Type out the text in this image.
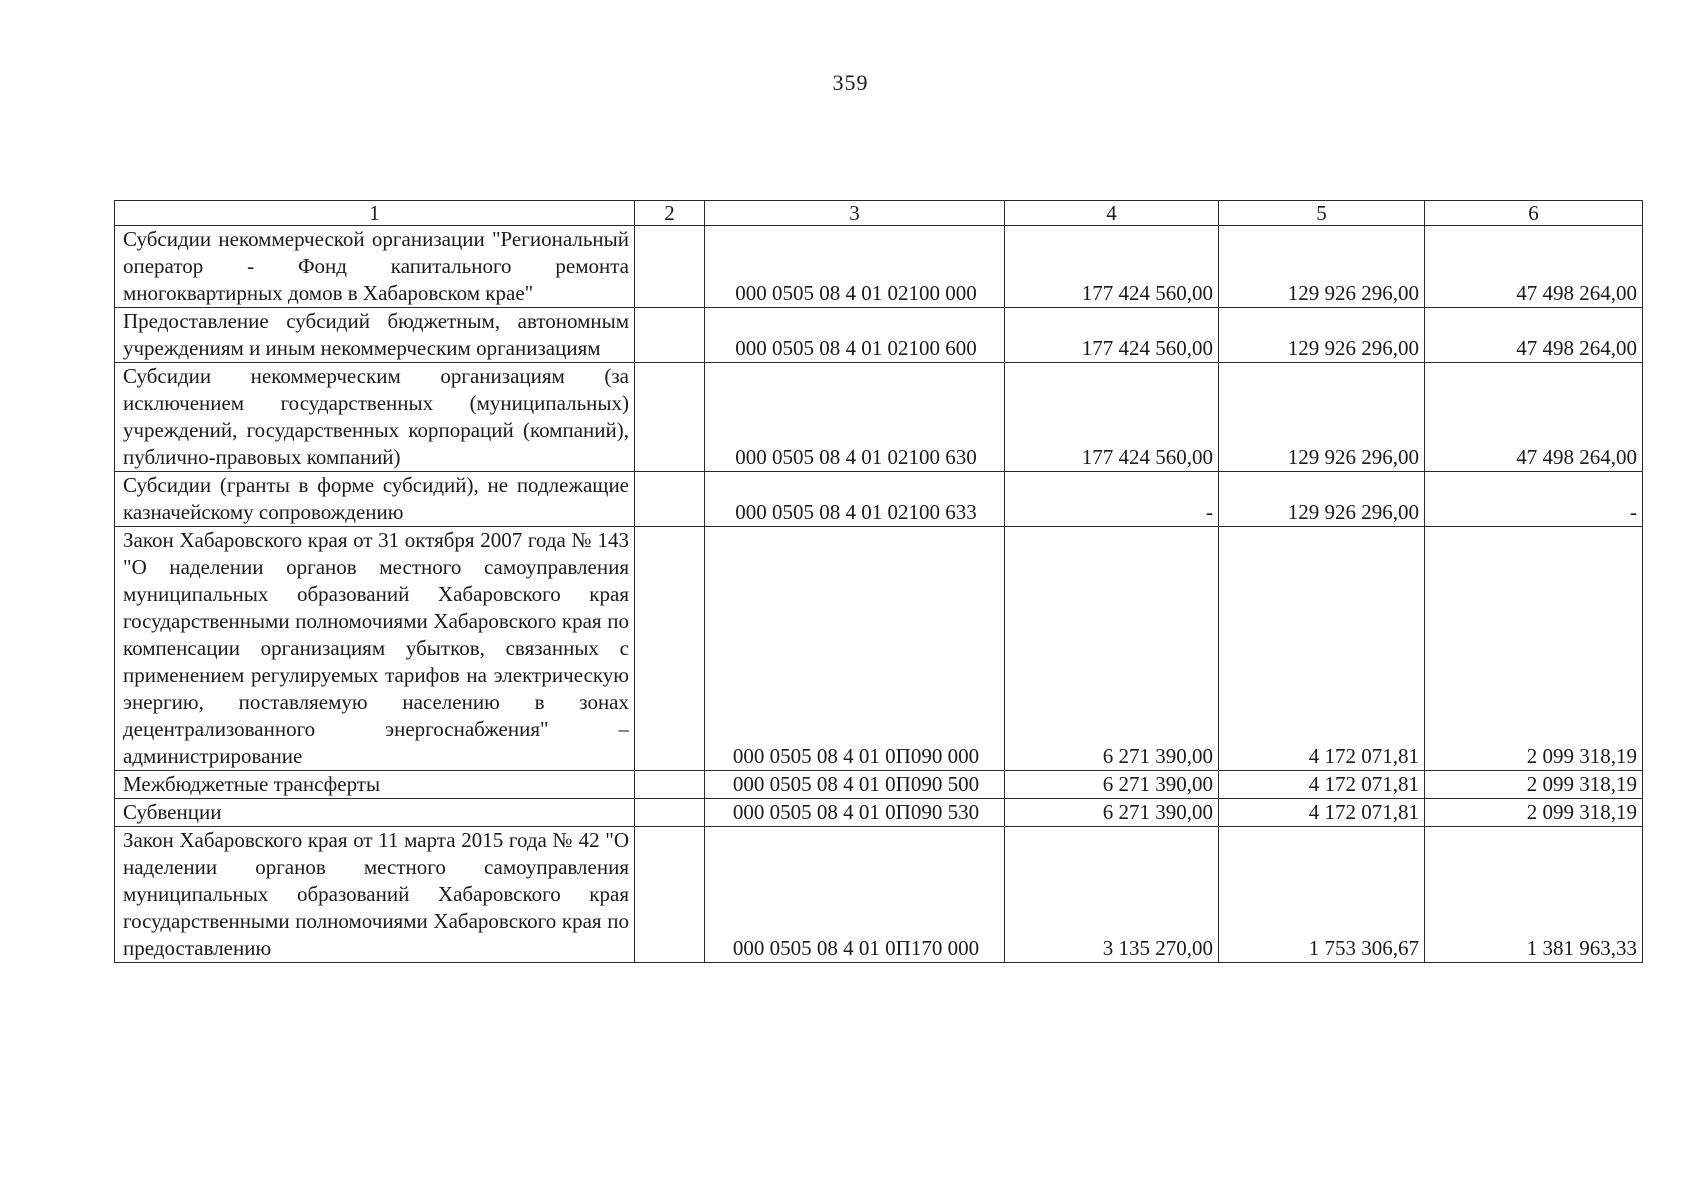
359
1	2	3	4	5	6
Субсидии некоммерческой организации "Региональный оператор - Фонд капитального ремонта многоквартирных домов в Хабаровском крае"		000 0505 08 4 01 02100 000	177 424 560,00	129 926 296,00	47 498 264,00
Предоставление субсидий бюджетным, автономным учреждениям и иным некоммерческим организациям		000 0505 08 4 01 02100 600	177 424 560,00	129 926 296,00	47 498 264,00
Субсидии некоммерческим организациям (за исключением государственных (муниципальных) учреждений, государственных корпораций (компаний), публично-правовых компаний)		000 0505 08 4 01 02100 630	177 424 560,00	129 926 296,00	47 498 264,00
Субсидии (гранты в форме субсидий), не подлежащие казначейскому сопровождению		000 0505 08 4 01 02100 633	-	129 926 296,00	-
Закон Хабаровского края от 31 октября 2007 года № 143 "О наделении органов местного самоуправления муниципальных образований Хабаровского края государственными полномочиями Хабаровского края по компенсации организациям убытков, связанных с применением регулируемых тарифов на электрическую энергию, поставляемую населению в зонах децентрализованного энергоснабжения" – администрирование		000 0505 08 4 01 0П090 000	6 271 390,00	4 172 071,81	2 099 318,19
Межбюджетные трансферты		000 0505 08 4 01 0П090 500	6 271 390,00	4 172 071,81	2 099 318,19
Субвенции		000 0505 08 4 01 0П090 530	6 271 390,00	4 172 071,81	2 099 318,19
Закон Хабаровского края от 11 марта 2015 года № 42 "О наделении органов местного самоуправления муниципальных образований Хабаровского края государственными полномочиями Хабаровского края по предоставлению		000 0505 08 4 01 0П170 000	3 135 270,00	1 753 306,67	1 381 963,33
